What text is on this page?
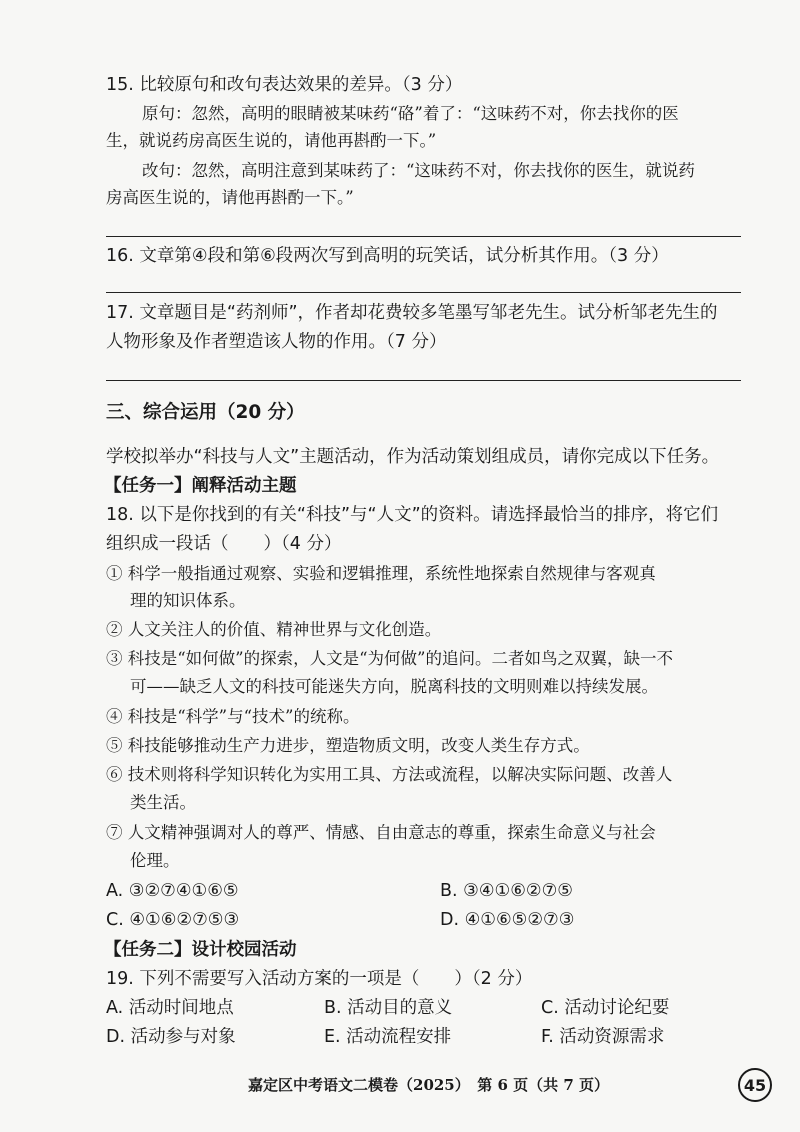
15. 比较原句和改句表达效果的差异。（3 分）
原句：忽然，高明的眼睛被某味药“硌”着了：“这味药不对，你去找你的医
生，就说药房高医生说的，请他再斟酌一下。”
改句：忽然，高明注意到某味药了：“这味药不对，你去找你的医生，就说药
房高医生说的，请他再斟酌一下。”
16. 文章第④段和第⑥段两次写到高明的玩笑话，试分析其作用。（3 分）
17. 文章题目是“药剂师”，作者却花费较多笔墨写邹老先生。试分析邹老先生的
人物形象及作者塑造该人物的作用。（7 分）
三、综合运用（20 分）
学校拟举办“科技与人文”主题活动，作为活动策划组成员，请你完成以下任务。
【任务一】阐释活动主题
18. 以下是你找到的有关“科技”与“人文”的资料。请选择最恰当的排序，将它们
组织成一段话（　　）（4 分）
① 科学一般指通过观察、实验和逻辑推理，系统性地探索自然规律与客观真
理的知识体系。
② 人文关注人的价值、精神世界与文化创造。
③ 科技是“如何做”的探索，人文是“为何做”的追问。二者如鸟之双翼，缺一不
可——缺乏人文的科技可能迷失方向，脱离科技的文明则难以持续发展。
④ 科技是“科学”与“技术”的统称。
⑤ 科技能够推动生产力进步，塑造物质文明，改变人类生存方式。
⑥ 技术则将科学知识转化为实用工具、方法或流程，以解决实际问题、改善人
类生活。
⑦ 人文精神强调对人的尊严、情感、自由意志的尊重，探索生命意义与社会
伦理。
A. ③②⑦④①⑥⑤	B. ③④①⑥②⑦⑤
C. ④①⑥②⑦⑤③	D. ④①⑥⑤②⑦③
【任务二】设计校园活动
19. 下列不需要写入活动方案的一项是（　　）（2 分）
A. 活动时间地点	B. 活动目的意义	C. 活动讨论纪要
D. 活动参与对象	E. 活动流程安排	F. 活动资源需求
嘉定区中考语文二模卷（2025）　第 6 页（共 7 页）	45
